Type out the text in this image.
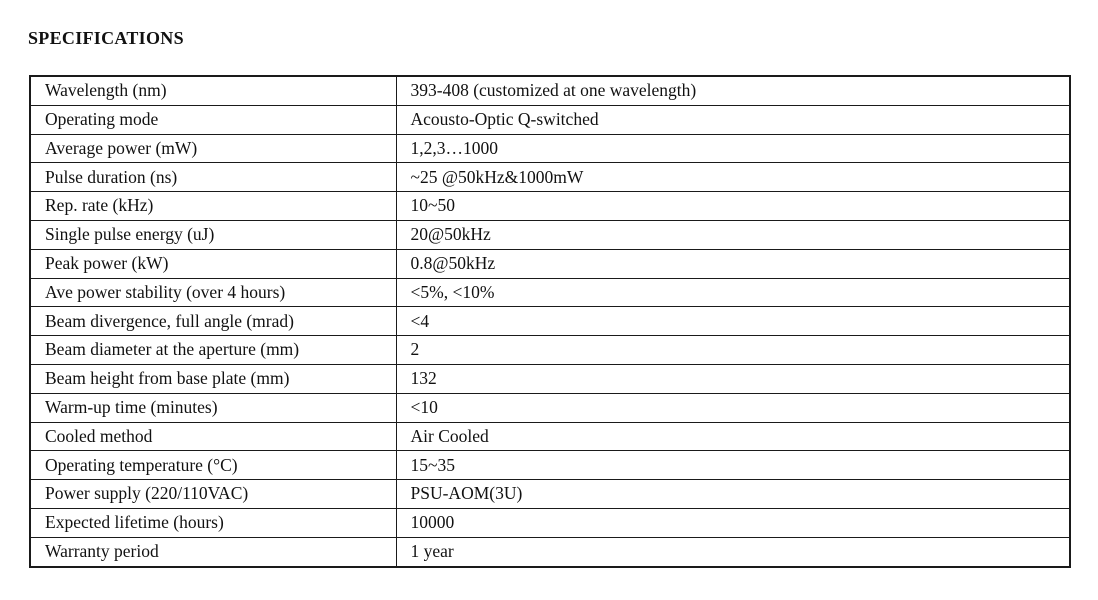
SPECIFICATIONS
Wavelength (nm)	393-408 (customized at one wavelength)
Operating mode	Acousto-Optic Q-switched
Average power (mW)	1,2,3…1000
Pulse duration (ns)	~25 @50kHz&1000mW
Rep. rate (kHz)	10~50
Single pulse energy (uJ)	20@50kHz
Peak power (kW)	0.8@50kHz
Ave power stability (over 4 hours)	<5%, <10%
Beam divergence, full angle (mrad)	<4
Beam diameter at the aperture (mm)	2
Beam height from base plate (mm)	132
Warm-up time (minutes)	<10
Cooled method	Air Cooled
Operating temperature (°C)	15~35
Power supply (220/110VAC)	PSU-AOM(3U)
Expected lifetime (hours)	10000
Warranty period	1 year
